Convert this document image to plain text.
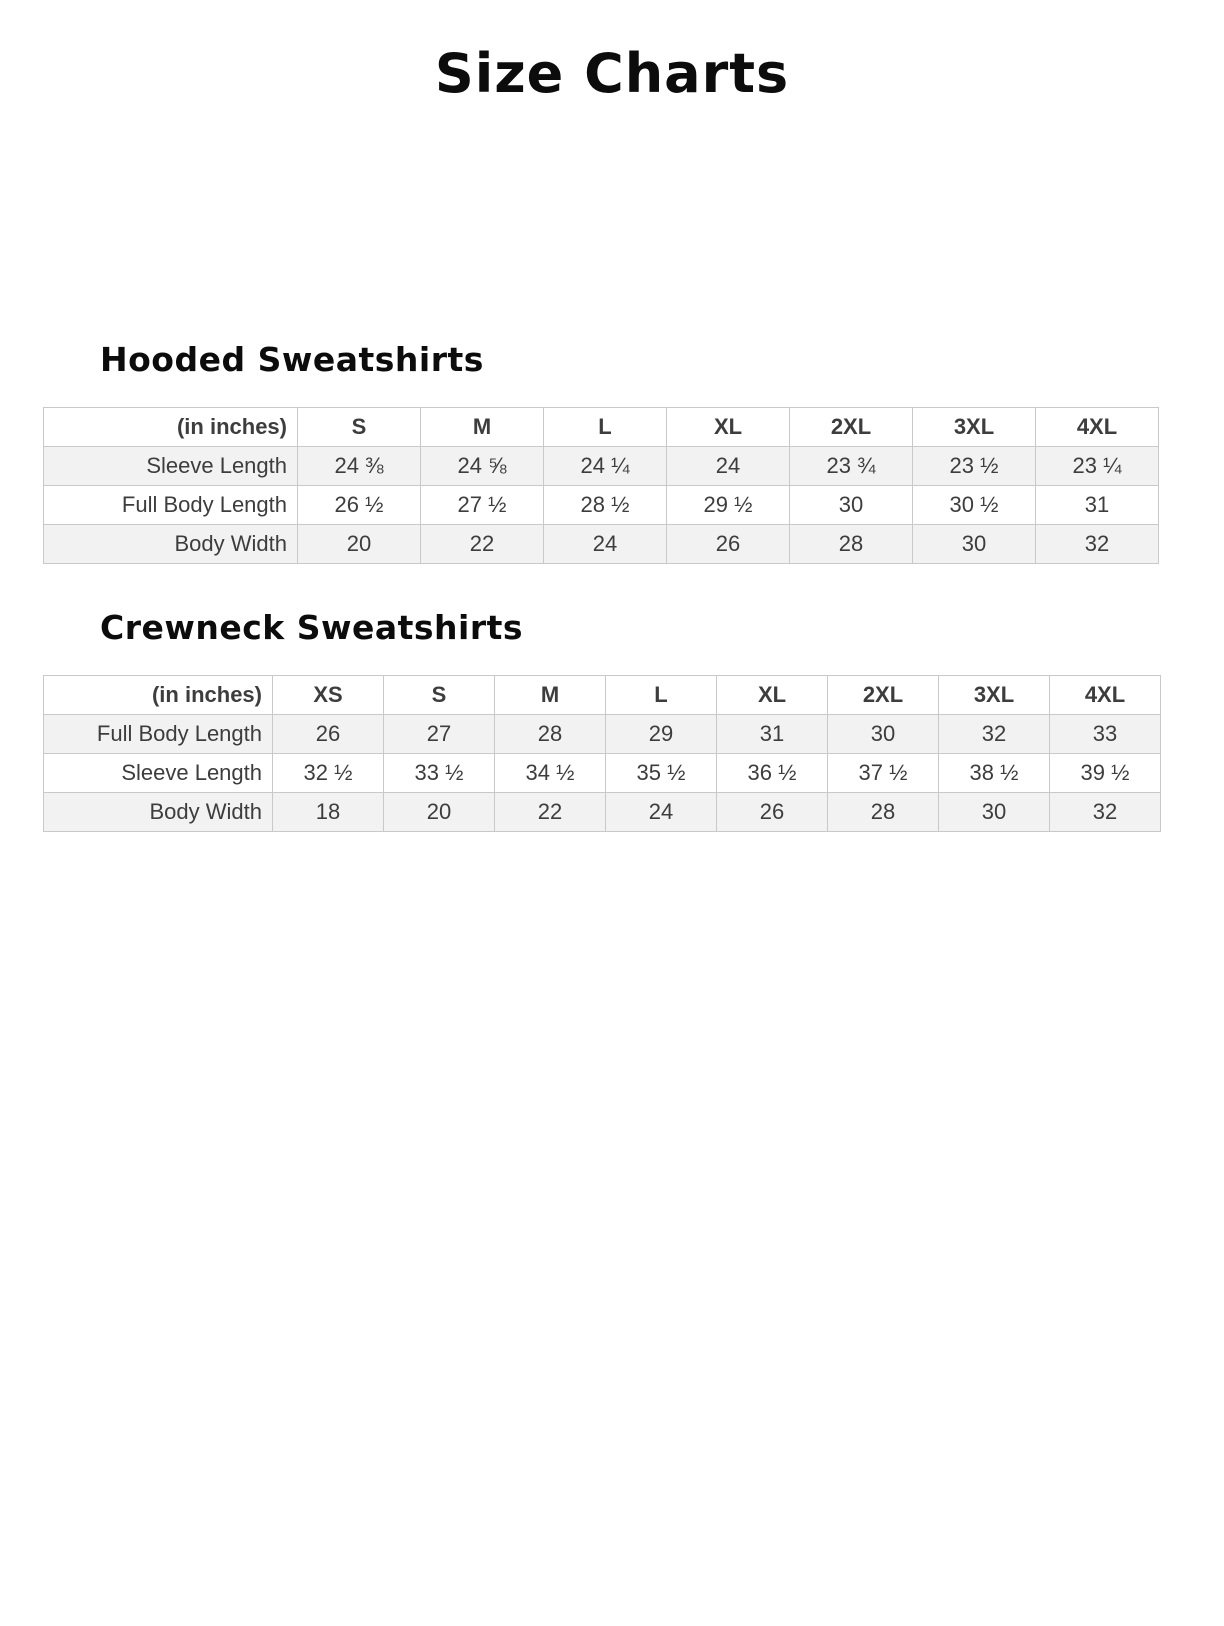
Size Charts
Hooded Sweatshirts
(in inches)	S	M	L	XL	2XL	3XL	4XL
Sleeve Length	24 ⅜	24 ⅝	24 ¼	24	23 ¾	23 ½	23 ¼
Full Body Length	26 ½	27 ½	28 ½	29 ½	30	30 ½	31
Body Width	20	22	24	26	28	30	32
Crewneck Sweatshirts
(in inches)	XS	S	M	L	XL	2XL	3XL	4XL
Full Body Length	26	27	28	29	31	30	32	33
Sleeve Length	32 ½	33 ½	34 ½	35 ½	36 ½	37 ½	38 ½	39 ½
Body Width	18	20	22	24	26	28	30	32
